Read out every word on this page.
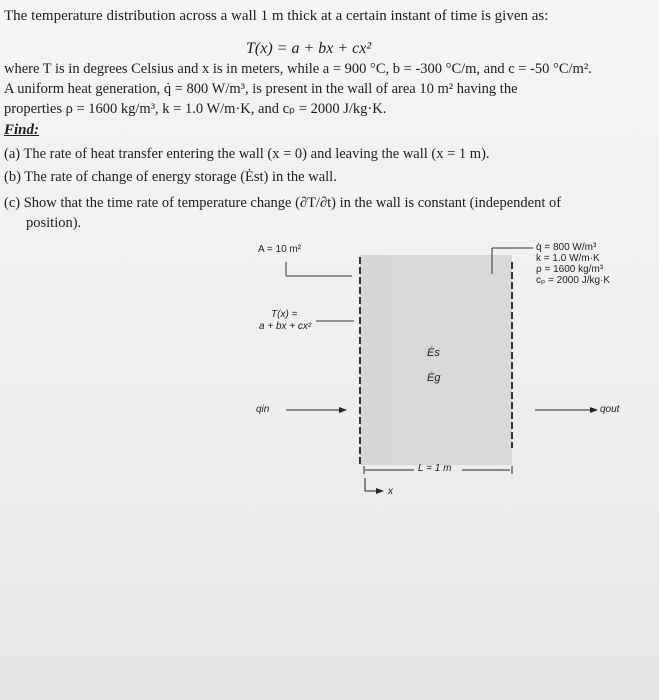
The temperature distribution across a wall 1 m thick at a certain instant of time is given as:
T(x) = a + bx + cx²
where T is in degrees Celsius and x is in meters, while a = 900 °C, b = -300 °C/m, and c = -50 °C/m².
A uniform heat generation, q̇ = 800 W/m³, is present in the wall of area 10 m² having the
properties ρ = 1600 kg/m³, k = 1.0 W/m·K, and cₚ = 2000 J/kg·K.
Find:
(a) The rate of heat transfer entering the wall (x = 0) and leaving the wall (x = 1 m).
(b) The rate of change of energy storage (Ėst) in the wall.
(c) Show that the time rate of temperature change (∂T/∂t) in the wall is constant (independent of
position).
A = 10 m²
T(x) =
a + bx + cx²
q̇ = 800 W/m³
k = 1.0 W/m·K
ρ = 1600 kg/m³
cₚ = 2000 J/kg·K
Ės
Ėg
qin	qout
L = 1 m
x
